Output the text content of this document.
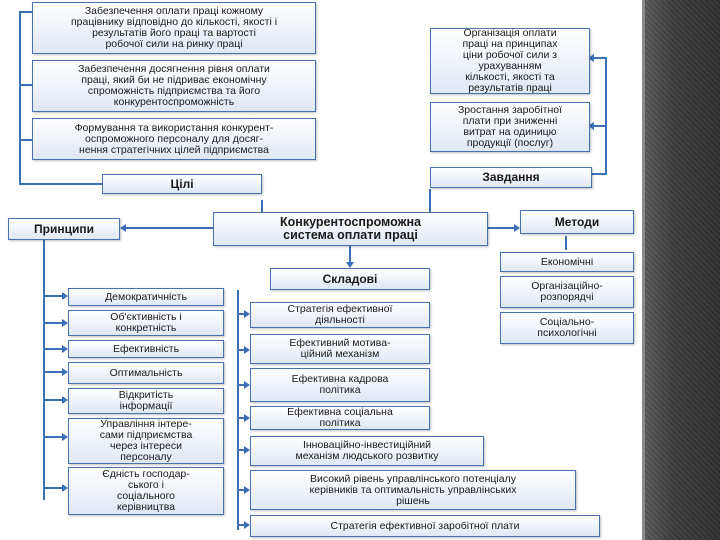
Забезпечення оплати праці кожному
працівнику відповідно до кількості, якості і
результатів його праці та вартості
робочої сили на ринку праці
Забезпечення досягнення рівня оплати
праці, який би не підриває економічну
спроможність підприємства та його
конкурентоспроможність
Формування та використання конкурент-
оспроможного персоналу для досяг-
нення стратегічних цілей підприємства
Цілі
Організація оплати
праці на принципах
ціни робочої сили з
урахуванням
кількості, якості та
результатів праці
Зростання заробітної
плати при зниженні
витрат на одиницю
продукції (послуг)
Завдання
Конкурентоспроможна
система оплати праці
Принципи
Демократичність
Об'єктивність і
конкретність
Ефективність
Оптимальність
Відкритість
інформації
Управління інтере-
сами підприємства
через інтереси
персоналу
Єдність господар-
ського і
соціального
керівництва
Методи
Економічні
Організаційно-
розпорядчі
Соціально-
психологічні
Складові
Стратегія ефективної
діяльності
Ефективний мотива-
ційний механізм
Ефективна кадрова
політика
Ефективна соціальна
політика
Інноваційно-інвестиційний
механізм людського розвитку
Високий рівень управлінського потенціалу
керівників та оптимальність управлінських
рішень
Стратегія ефективної заробітної плати
